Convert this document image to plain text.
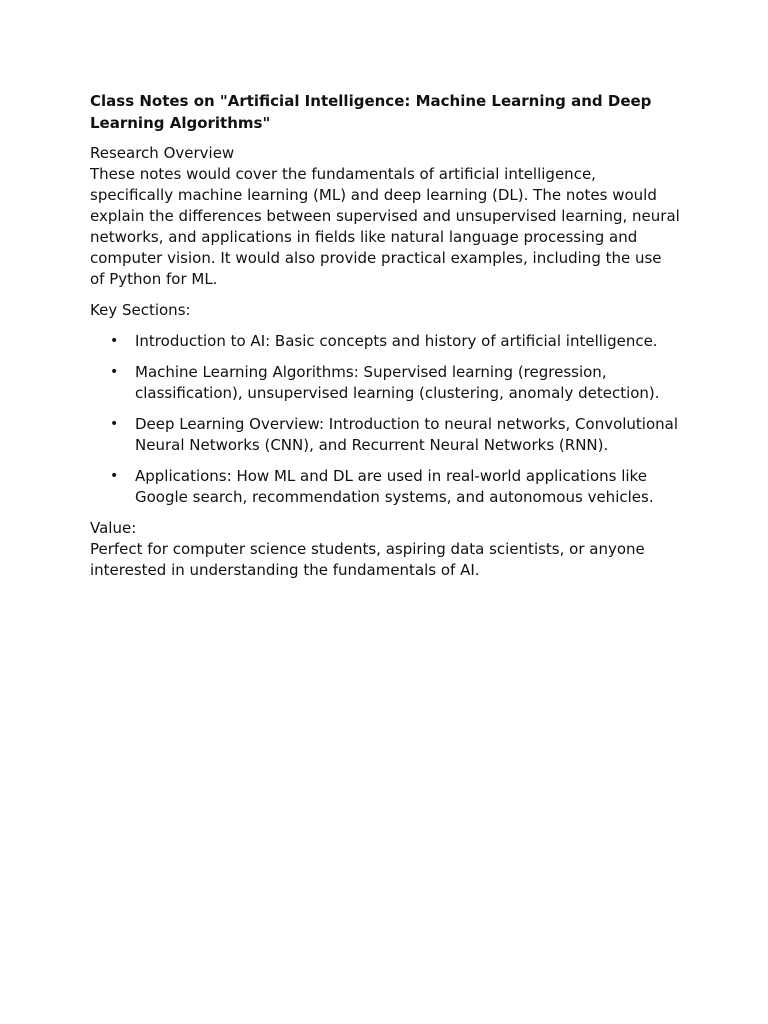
Class Notes on "Artificial Intelligence: Machine Learning and Deep Learning Algorithms"
Research Overview
These notes would cover the fundamentals of artificial intelligence, specifically machine learning (ML) and deep learning (DL). The notes would explain the differences between supervised and unsupervised learning, neural networks, and applications in fields like natural language processing and computer vision. It would also provide practical examples, including the use of Python for ML.
Key Sections:
• Introduction to AI: Basic concepts and history of artificial intelligence.
• Machine Learning Algorithms: Supervised learning (regression, classification), unsupervised learning (clustering, anomaly detection).
• Deep Learning Overview: Introduction to neural networks, Convolutional Neural Networks (CNN), and Recurrent Neural Networks (RNN).
• Applications: How ML and DL are used in real-world applications like Google search, recommendation systems, and autonomous vehicles.
Value:
Perfect for computer science students, aspiring data scientists, or anyone interested in understanding the fundamentals of AI.
